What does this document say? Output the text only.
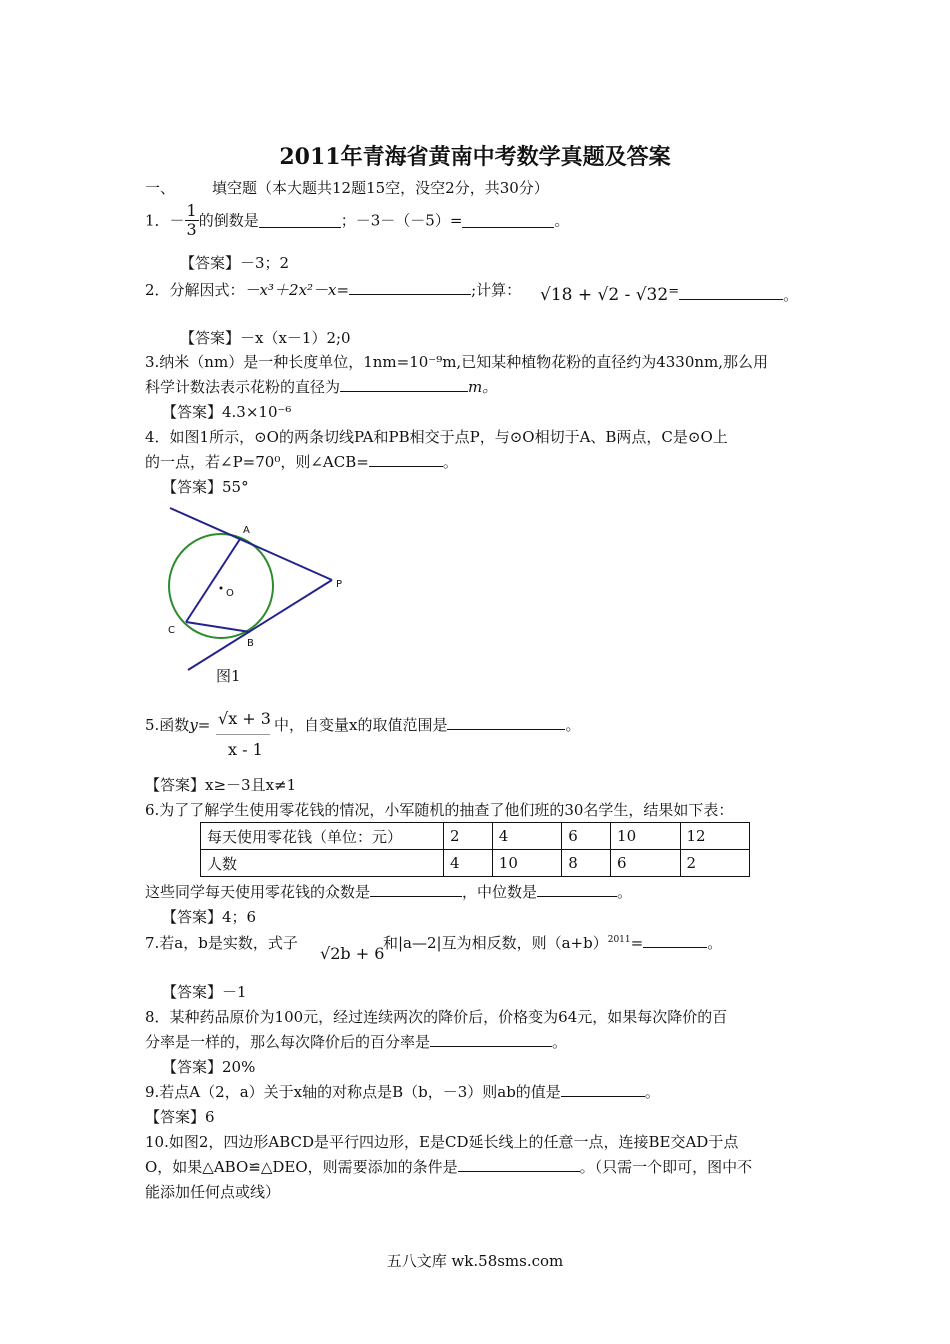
2011年青海省黄南中考数学真题及答案
一、 填空题（本大题共12题15空，没空2分，共30分）
1．－ $\frac{1}{3}$ 的倒数是	；－3－（－5）=	。
【答案】－3；2
2．分解因式：－x³＋2x²－x=	;计算： √18 + √2 - √32=	。
【答案】－x（x－1）2;0
3.纳米（nm）是一种长度单位，1nm=10⁻⁹m,已知某种植物花粉的直径约为4330nm,那么用
科学计数法表示花粉的直径为	m。
【答案】4.3×10⁻⁶
4．如图1所示，⊙O的两条切线PA和PB相交于点P，与⊙O相切于A、B两点，C是⊙O上
的一点，若∠P=70⁰，则∠ACB=	。
【答案】55°
A
B
C
O
P
图1
5.函数y= √x + 3
x - 1
中，自变量x的取值范围是	。
【答案】x≥－3且x≠1
6.为了了解学生使用零花钱的情况，小军随机的抽查了他们班的30名学生，结果如下表：
每天使用零花钱（单位：元）	2	4	6	10	12
人数	4	10	8	6	2
这些同学每天使用零花钱的众数是	，中位数是	。
【答案】4；6
7.若a，b是实数，式子
√2b + 6
和|a—2|互为相反数，则$(a+b)^{2011}=$	。
【答案】－1
8．某种药品原价为100元，经过连续两次的降价后，价格变为64元，如果每次降价的百
分率是一样的，那么每次降价后的百分率是	。
【答案】20%
9.若点A（2，a）关于x轴的对称点是B（b，－3）则ab的值是	。
【答案】6
10.如图2，四边形ABCD是平行四边形，E是CD延长线上的任意一点，连接BE交AD于点
O，如果△ABO≌△DEO，则需要添加的条件是	。（只需一个即可，图中不
能添加任何点或线）
五八文库 wk.58sms.com
